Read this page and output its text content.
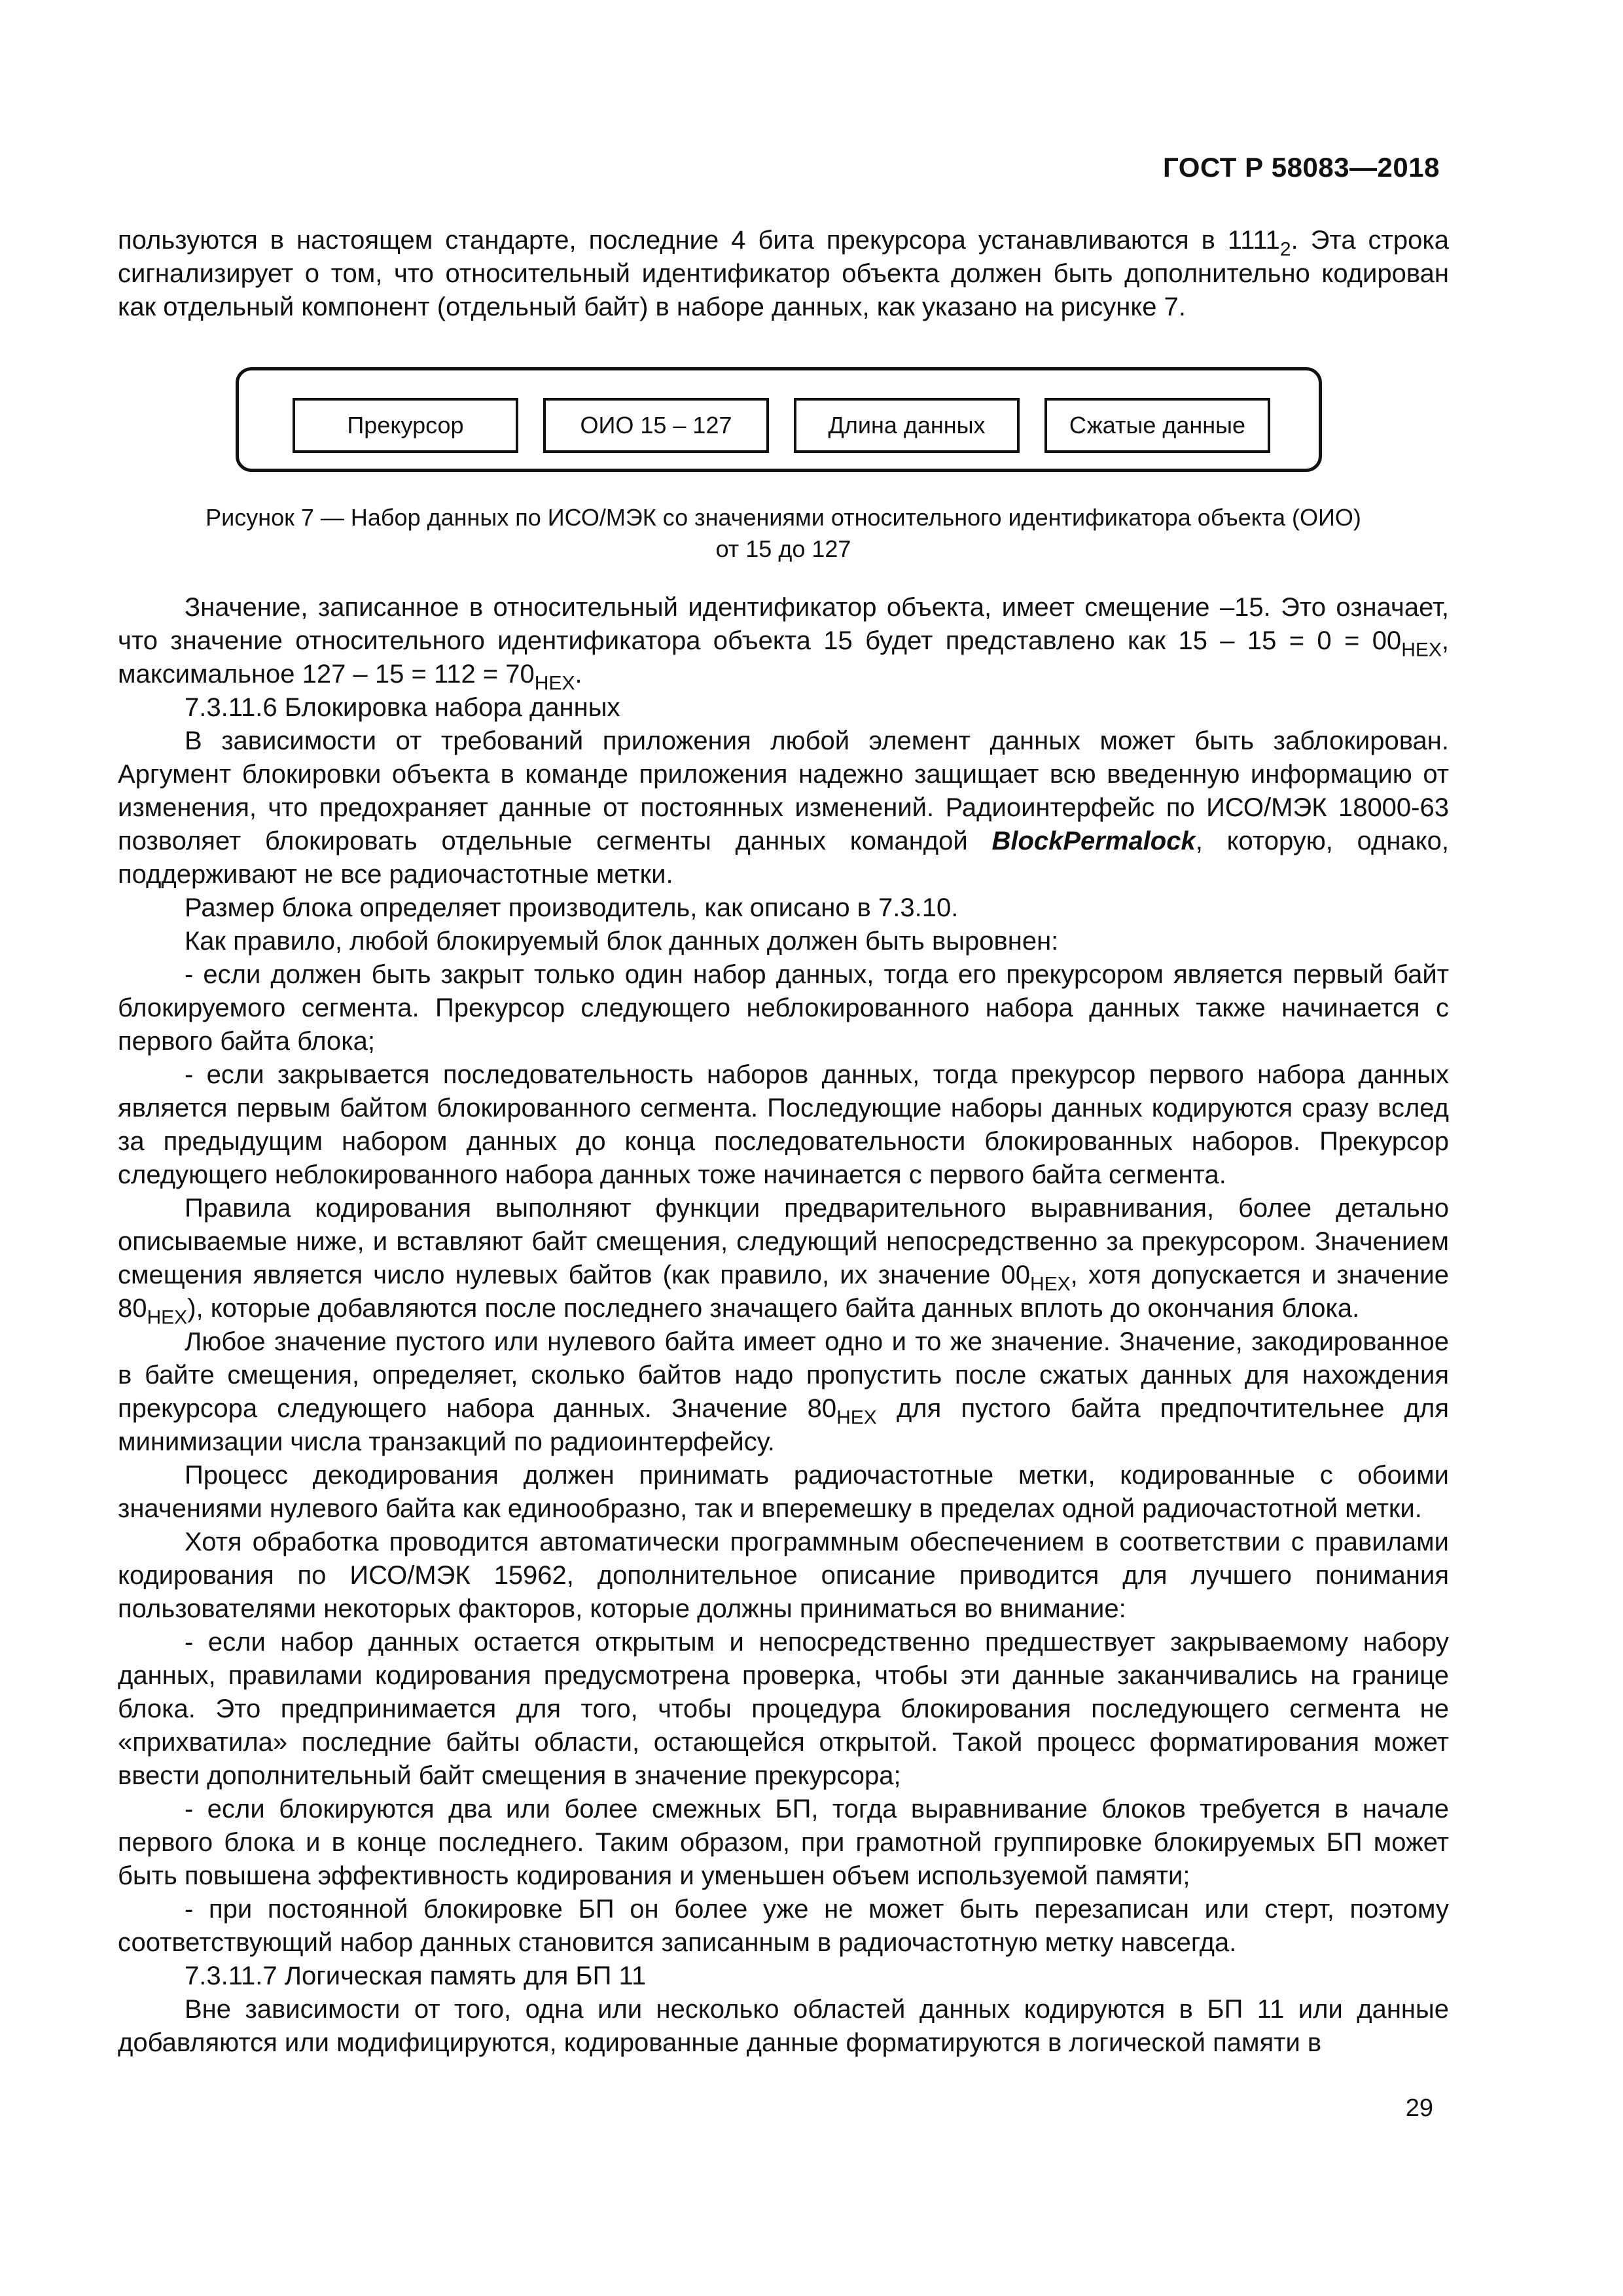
ГОСТ Р 58083—2018

пользуются в настоящем стандарте, последние 4 бита прекурсора устанавливаются в $1111_2$. Эта строка сигнализирует о том, что относительный идентификатор объекта должен быть дополнительно кодирован как отдельный компонент (отдельный байт) в наборе данных, как указано на рисунке 7.

Прекурсор	ОИО 15 – 127	Длина данных	Сжатые данные
Рисунок 7 — Набор данных по ИСО/МЭК со значениями относительного идентификатора объекта (ОИО)
от 15 до 127

Значение, записанное в относительный идентификатор объекта, имеет смещение –15. Это означает, что значение относительного идентификатора объекта 15 будет представлено как $15 - 15 = 0 = 00_{HEX}$, максимальное $127 - 15 = 112 = 70_{HEX}$.

7.3.11.6 Блокировка набора данных

В зависимости от требований приложения любой элемент данных может быть заблокирован. Аргумент блокировки объекта в команде приложения надежно защищает всю введенную информацию от изменения, что предохраняет данные от постоянных изменений. Радиоинтерфейс по ИСО/МЭК 18000-63 позволяет блокировать отдельные сегменты данных командой BlockPermalock, которую, однако, поддерживают не все радиочастотные метки.

Размер блока определяет производитель, как описано в 7.3.10.

Как правило, любой блокируемый блок данных должен быть выровнен:

- если должен быть закрыт только один набор данных, тогда его прекурсором является первый байт блокируемого сегмента. Прекурсор следующего неблокированного набора данных также начинается с первого байта блока;

- если закрывается последовательность наборов данных, тогда прекурсор первого набора данных является первым байтом блокированного сегмента. Последующие наборы данных кодируются сразу вслед за предыдущим набором данных до конца последовательности блокированных наборов. Прекурсор следующего неблокированного набора данных тоже начинается с первого байта сегмента.

Правила кодирования выполняют функции предварительного выравнивания, более детально описываемые ниже, и вставляют байт смещения, следующий непосредственно за прекурсором. Значением смещения является число нулевых байтов (как правило, их значение $00_{HEX}$, хотя допускается и значение $80_{HEX}$), которые добавляются после последнего значащего байта данных вплоть до окончания блока.

Любое значение пустого или нулевого байта имеет одно и то же значение. Значение, закодированное в байте смещения, определяет, сколько байтов надо пропустить после сжатых данных для нахождения прекурсора следующего набора данных. Значение $80_{HEX}$ для пустого байта предпочтительнее для минимизации числа транзакций по радиоинтерфейсу.

Процесс декодирования должен принимать радиочастотные метки, кодированные с обоими значениями нулевого байта как единообразно, так и вперемешку в пределах одной радиочастотной метки.

Хотя обработка проводится автоматически программным обеспечением в соответствии с правилами кодирования по ИСО/МЭК 15962, дополнительное описание приводится для лучшего понимания пользователями некоторых факторов, которые должны приниматься во внимание:

- если набор данных остается открытым и непосредственно предшествует закрываемому набору данных, правилами кодирования предусмотрена проверка, чтобы эти данные заканчивались на границе блока. Это предпринимается для того, чтобы процедура блокирования последующего сегмента не «прихватила» последние байты области, остающейся открытой. Такой процесс форматирования может ввести дополнительный байт смещения в значение прекурсора;

- если блокируются два или более смежных БП, тогда выравнивание блоков требуется в начале первого блока и в конце последнего. Таким образом, при грамотной группировке блокируемых БП может быть повышена эффективность кодирования и уменьшен объем используемой памяти;

- при постоянной блокировке БП он более уже не может быть перезаписан или стерт, поэтому соответствующий набор данных становится записанным в радиочастотную метку навсегда.

7.3.11.7 Логическая память для БП 11

Вне зависимости от того, одна или несколько областей данных кодируются в БП 11 или данные добавляются или модифицируются, кодированные данные форматируются в логической памяти в

29
